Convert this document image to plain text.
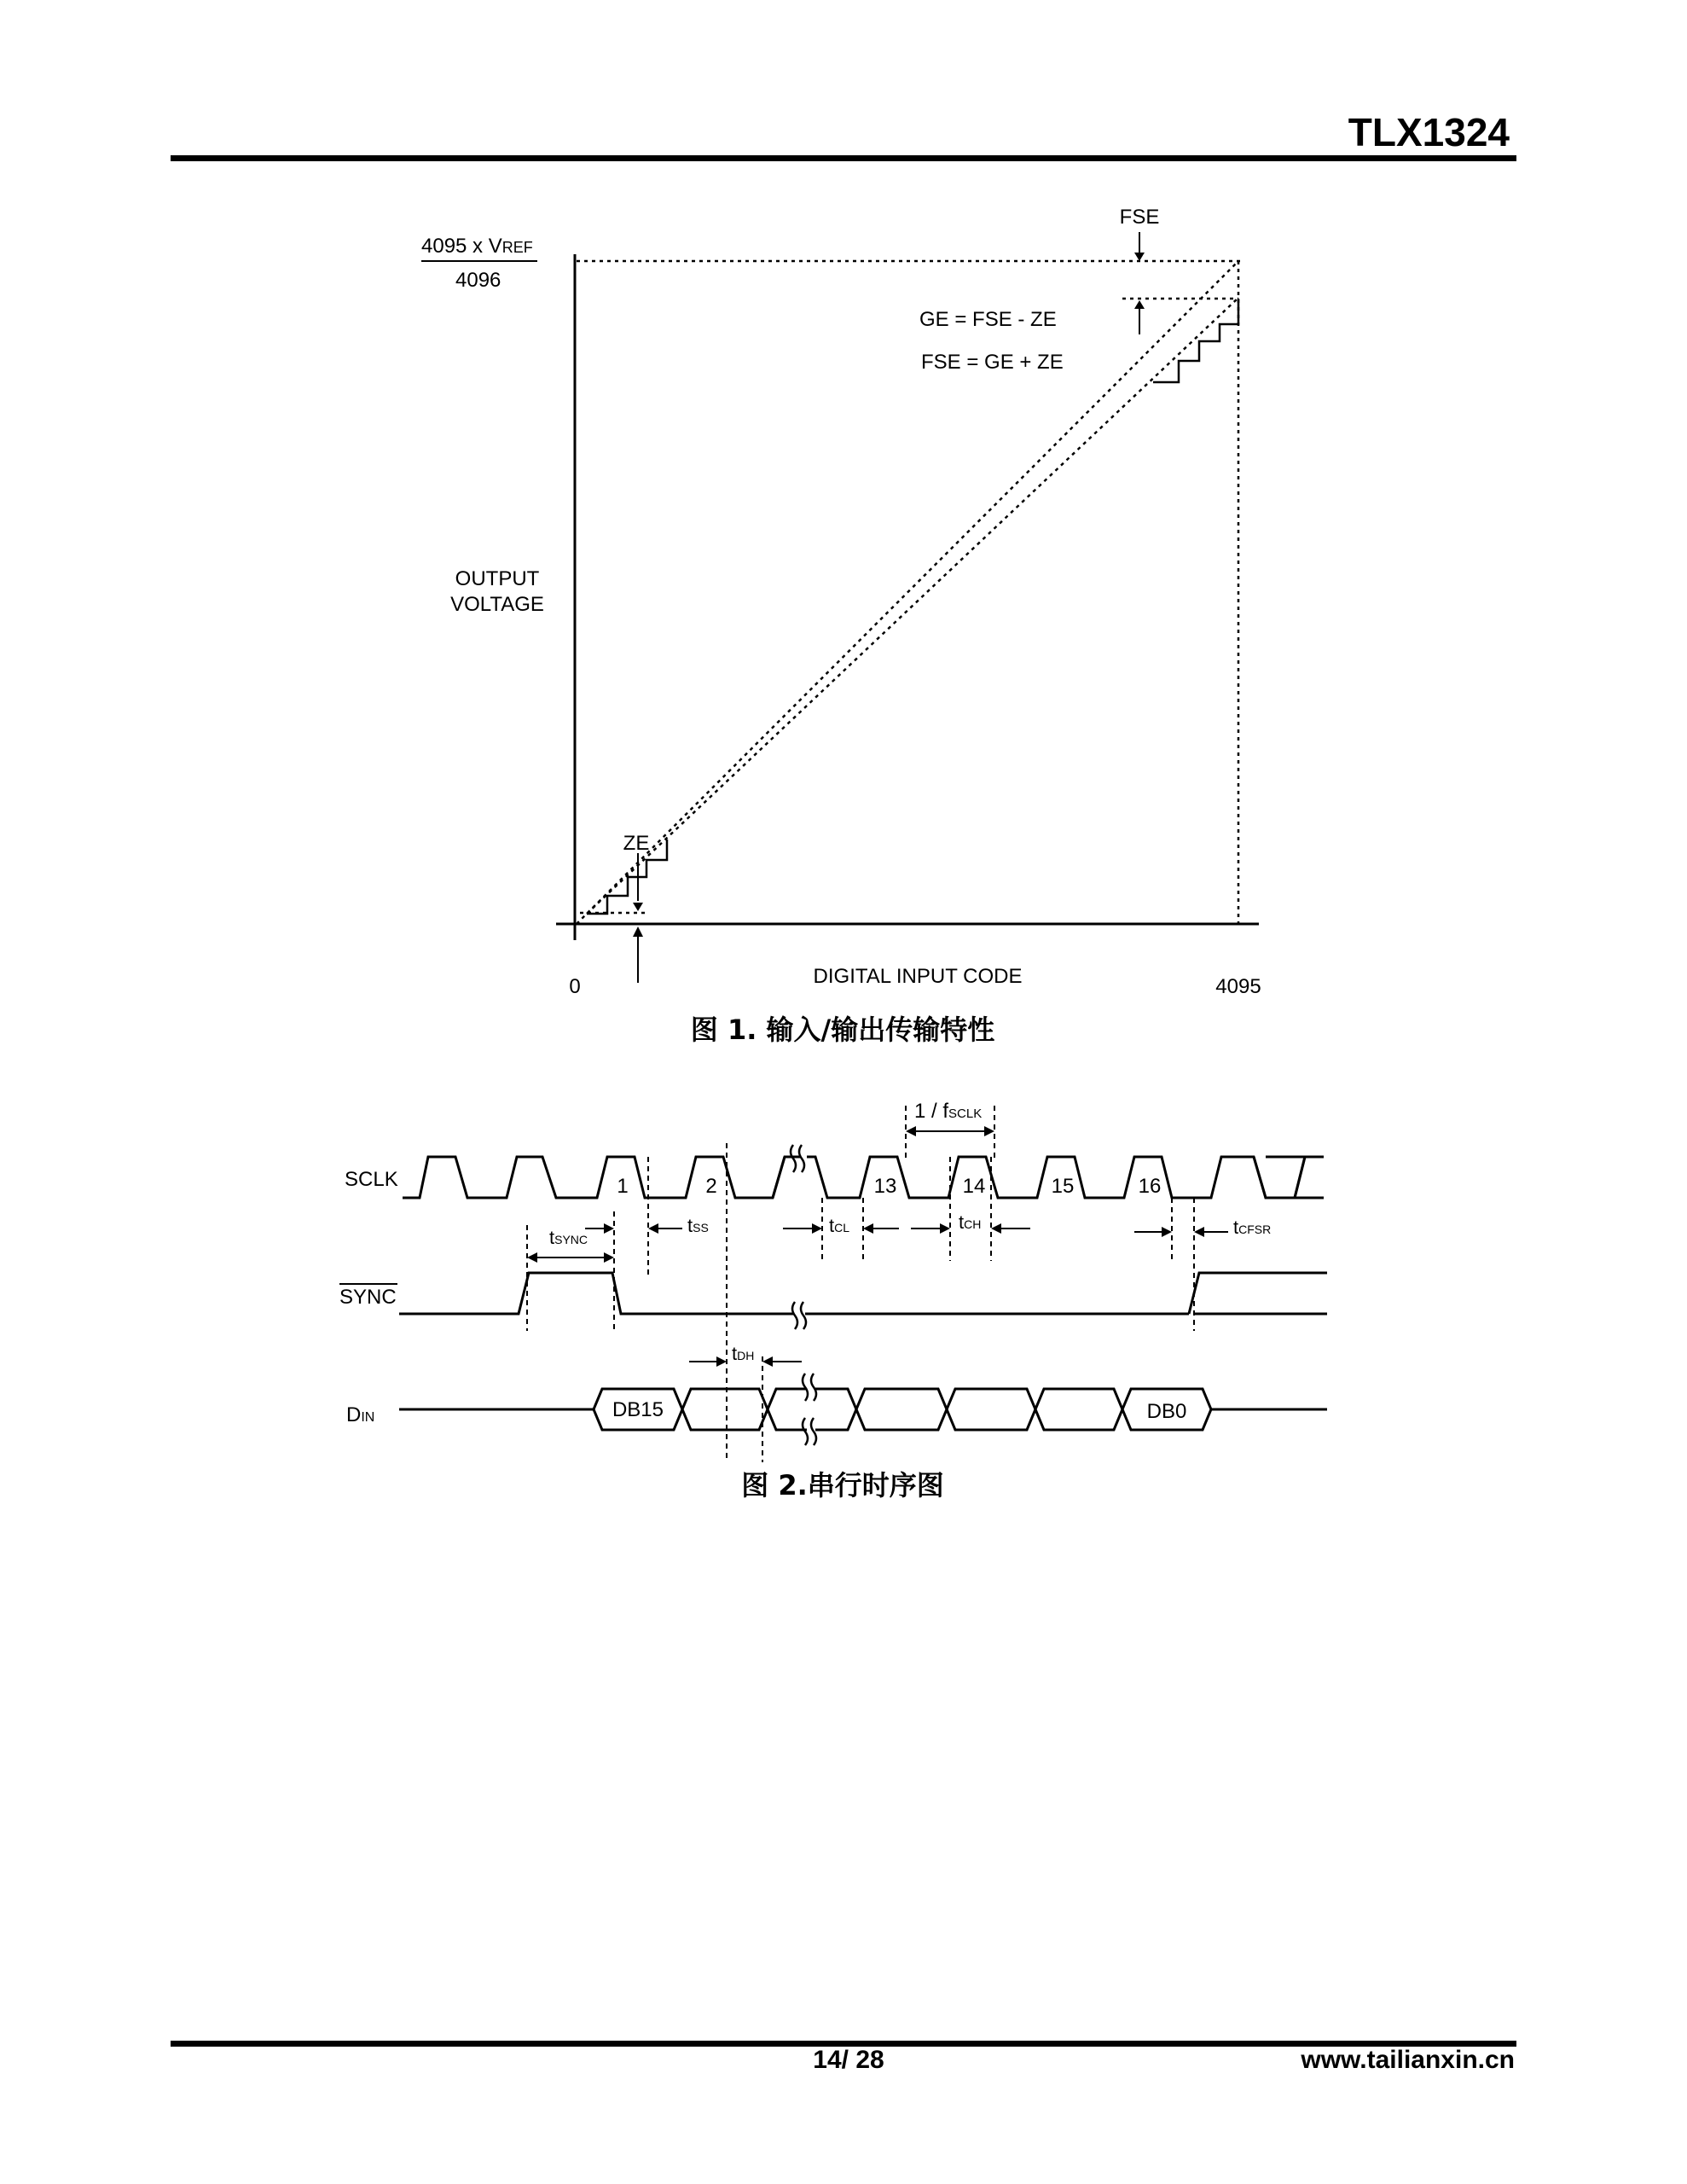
TLX1324
4095 x VREF
4096
OUTPUT
VOLTAGE
FSE
GE = FSE - ZE
FSE = GE + ZE
ZE
0	DIGITAL INPUT CODE	4095
图 1. 输入/输出传输特性
SCLK
SYNC
DIN
1	2	13	14	15	16
1 / fSCLK
tSYNC
tSS	tCL	tCH	tCFSR
tDH
DB15	DB0
图 2.串行时序图
14/ 28	www.tailianxin.cn
